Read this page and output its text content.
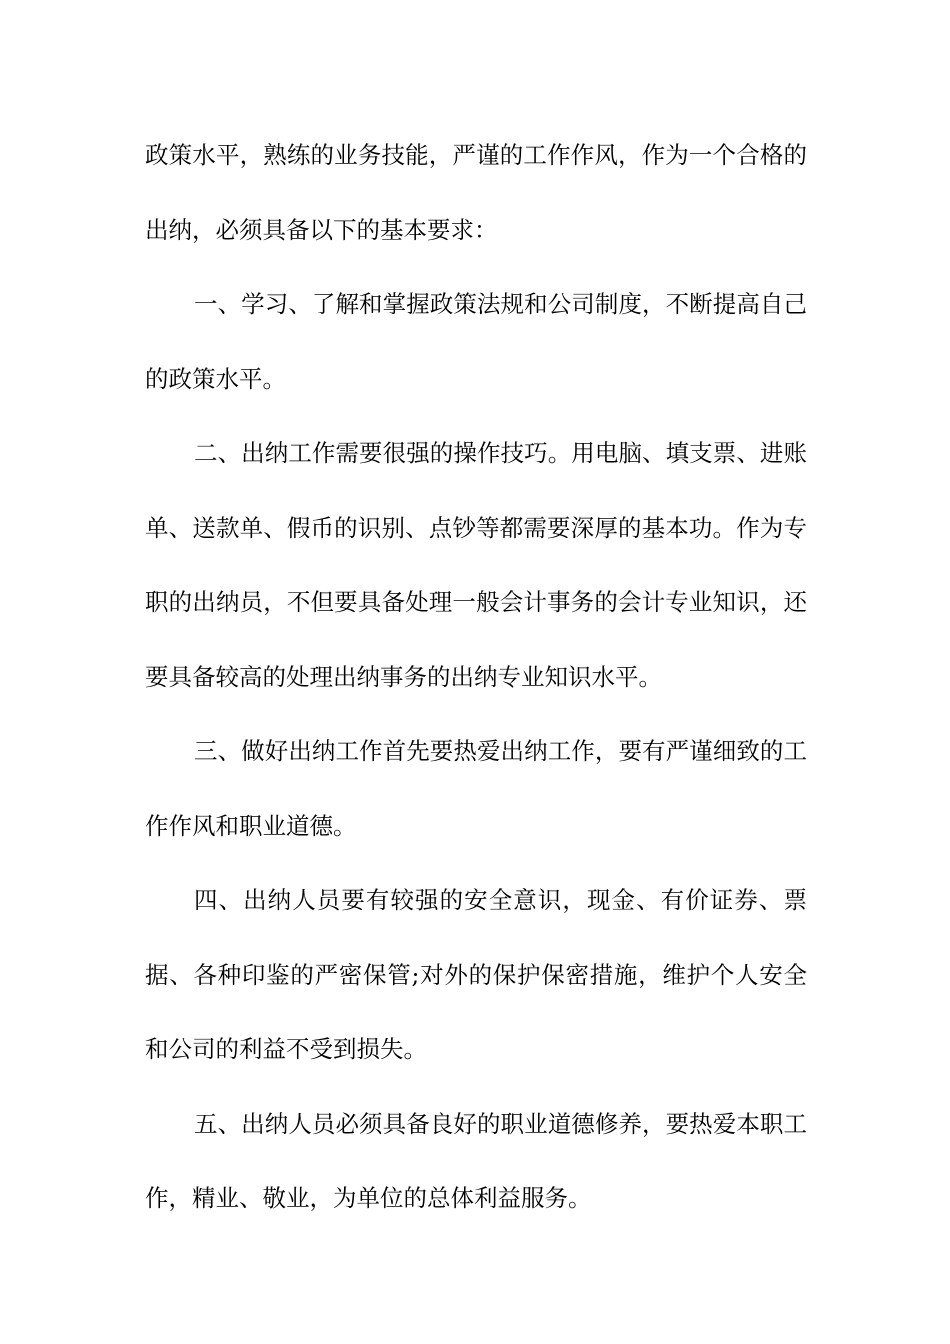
政策水平，熟练的业务技能，严谨的工作作风，作为一个合格的出纳，必须具备以下的基本要求：

一、学习、了解和掌握政策法规和公司制度，不断提高自己的政策水平。

二、出纳工作需要很强的操作技巧。用电脑、填支票、进账单、送款单、假币的识别、点钞等都需要深厚的基本功。作为专职的出纳员，不但要具备处理一般会计事务的会计专业知识，还要具备较高的处理出纳事务的出纳专业知识水平。

三、做好出纳工作首先要热爱出纳工作，要有严谨细致的工作作风和职业道德。

四、出纳人员要有较强的安全意识，现金、有价证券、票据、各种印鉴的严密保管;对外的保护保密措施，维护个人安全和公司的利益不受到损失。

五、出纳人员必须具备良好的职业道德修养，要热爱本职工作，精业、敬业，为单位的总体利益服务。
